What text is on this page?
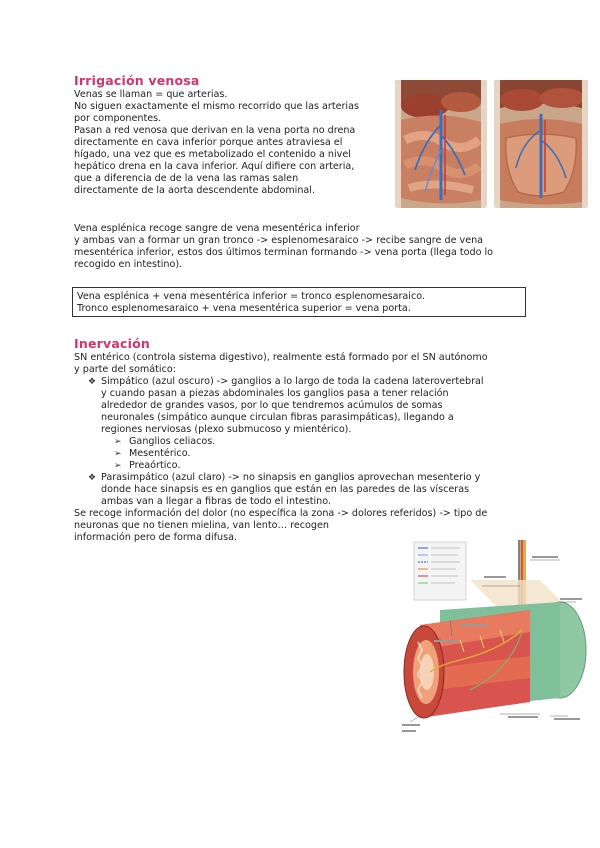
Irrigación venosa

Venas se llaman = que arterias.

No siguen exactamente el mismo recorrido que las arterias

por componentes.

Pasan a red venosa que derivan en la vena porta no drena

directamente en cava inferior porque antes atraviesa el

hígado, una vez que es metabolizado el contenido a nivel

hepático drena en la cava inferior. Aquí difiere con arteria,

que a diferencia de de la vena las ramas salen

directamente de la aorta descendente abdominal.

Vena esplénica recoge sangre de vena mesentérica inferior

y ambas van a formar un gran tronco -> esplenomesaraico -> recibe sangre de vena

mesentérica inferior, estos dos últimos terminan formando -> vena porta (llega todo lo

recogido en intestino).

Vena esplénica + vena mesentérica inferior = tronco esplenomesaraico.

Tronco esplenomesaraico + vena mesentérica superior = vena porta.

Inervación

SN entérico (controla sistema digestivo), realmente está formado por el SN autónomo

y parte del somático:

❖ Simpático (azul oscuro) -> ganglios a lo largo de toda la cadena laterovertebral

y cuando pasan a piezas abdominales los ganglios pasa a tener relación

alrededor de grandes vasos, por lo que tendremos acúmulos de somas

neuronales (simpático aunque circulan fibras parasimpáticas), llegando a

regiones nerviosas (plexo submucoso y mientérico).

➢ Ganglios celiacos.
➢ Mesentérico.
➢ Preaórtico.
❖ Parasimpático (azul claro) -> no sinapsis en ganglios aprovechan mesenterio y

donde hace sinapsis es en ganglios que están en las paredes de las vísceras

ambas van a llegar a fibras de todo el intestino.

Se recoge información del dolor (no específica la zona -> dolores referidos) -> tipo de

neuronas que no tienen mielina, van lento… recogen

información pero de forma difusa.
